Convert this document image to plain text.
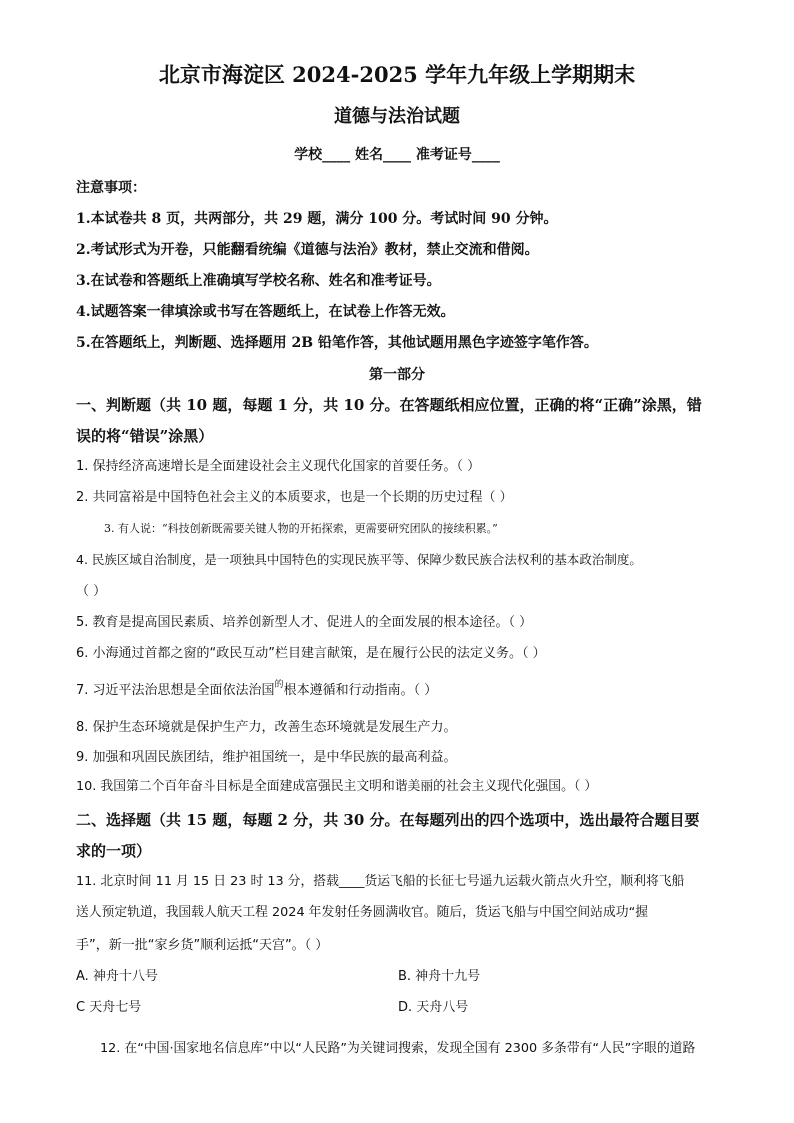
北京市海淀区 2024-2025 学年九年级上学期期末
道德与法治试题
学校____ 姓名____ 准考证号____
注意事项：
1.本试卷共 8 页，共两部分，共 29 题，满分 100 分。考试时间 90 分钟。
2.考试形式为开卷，只能翻看统编《道德与法治》教材，禁止交流和借阅。
3.在试卷和答题纸上准确填写学校名称、姓名和准考证号。
4.试题答案一律填涂或书写在答题纸上，在试卷上作答无效。
5.在答题纸上，判断题、选择题用 2B 铅笔作答，其他试题用黑色字迹签字笔作答。
第一部分
一、判断题（共 10 题，每题 1 分，共 10 分。在答题纸相应位置，正确的将“正确”涂黑，错
误的将“错误”涂黑）
1. 保持经济高速增长是全面建设社会主义现代化国家的首要任务。（ ）
2. 共同富裕是中国特色社会主义的本质要求，也是一个长期的历史过程（ ）
3. 有人说：“科技创新既需要关键人物的开拓探索，更需要研究团队的接续积累。”
4. 民族区域自治制度，是一项独具中国特色的实现民族平等、保障少数民族合法权利的基本政治制度。
（ ）
5. 教育是提高国民素质、培养创新型人才、促进人的全面发展的根本途径。（ ）
6. 小海通过首都之窗的“政民互动”栏目建言献策，是在履行公民的法定义务。（ ）
7. 习近平法治思想是全面依法治国$^的$根本遵循和行动指南。（ ）
8. 保护生态环境就是保护生产力，改善生态环境就是发展生产力。
9. 加强和巩固民族团结，维护祖国统一，是中华民族的最高利益。
10. 我国第二个百年奋斗目标是全面建成富强民主文明和谐美丽的社会主义现代化强国。（ ）
二、选择题（共 15 题，每题 2 分，共 30 分。在每题列出的四个选项中，选出最符合题目要
求的一项）
11. 北京时间 11 月 15 日 23 时 13 分，搭载____货运飞船的长征七号遥九运载火箭点火升空，顺利将飞船
送人预定轨道，我国载人航天工程 2024 年发射任务圆满收官。随后，货运飞船与中国空间站成功“握
手”，新一批“家乡货”顺利运抵“天宫”。（ ）
A. 神舟十八号	B. 神舟十九号
C 天舟七号	D. 天舟八号
12. 在“中国·国家地名信息库”中以“人民路”为关键词搜索，发现全国有 2300 多条带有“人民”字眼的道路
